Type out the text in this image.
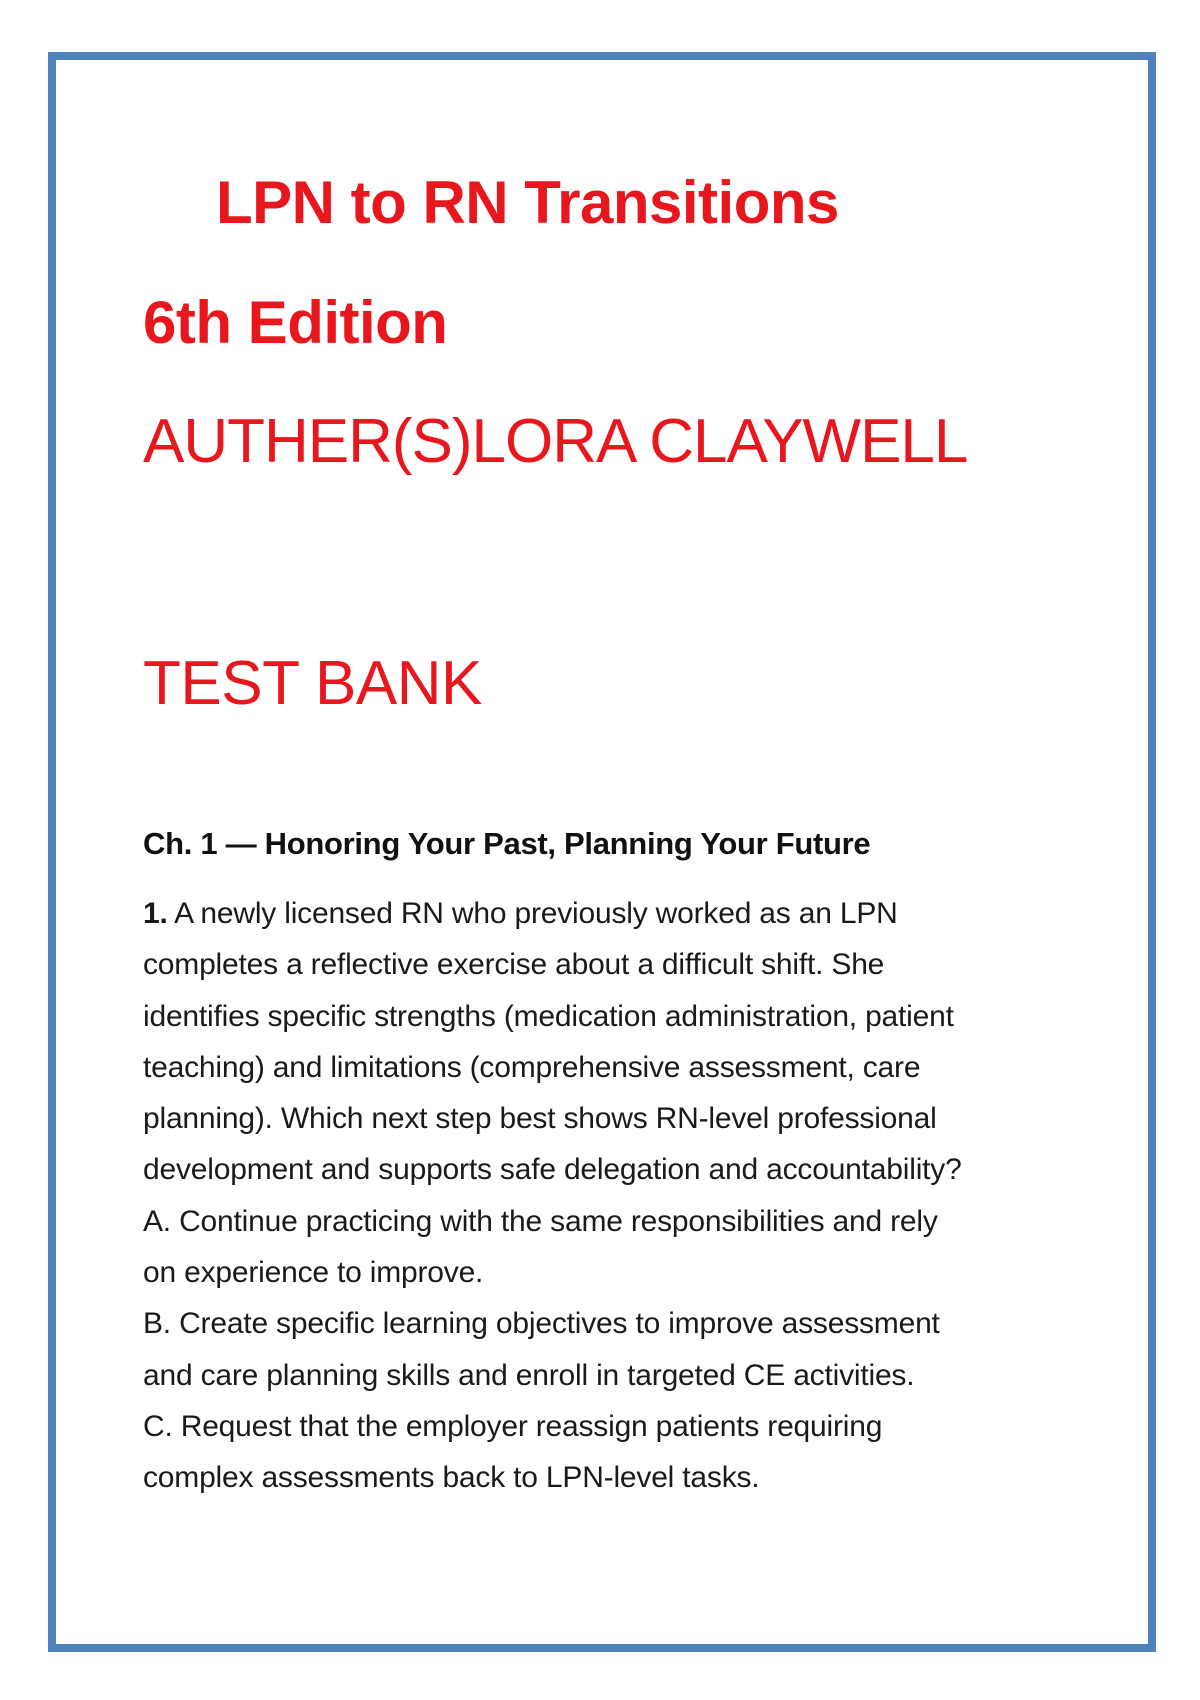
LPN to RN Transitions
6th Edition
AUTHER(S)LORA CLAYWELL
TEST BANK
Ch. 1 — Honoring Your Past, Planning Your Future
1. A newly licensed RN who previously worked as an LPN
completes a reflective exercise about a difficult shift. She
identifies specific strengths (medication administration, patient
teaching) and limitations (comprehensive assessment, care
planning). Which next step best shows RN-level professional
development and supports safe delegation and accountability?
A. Continue practicing with the same responsibilities and rely
on experience to improve.
B. Create specific learning objectives to improve assessment
and care planning skills and enroll in targeted CE activities.
C. Request that the employer reassign patients requiring
complex assessments back to LPN-level tasks.
